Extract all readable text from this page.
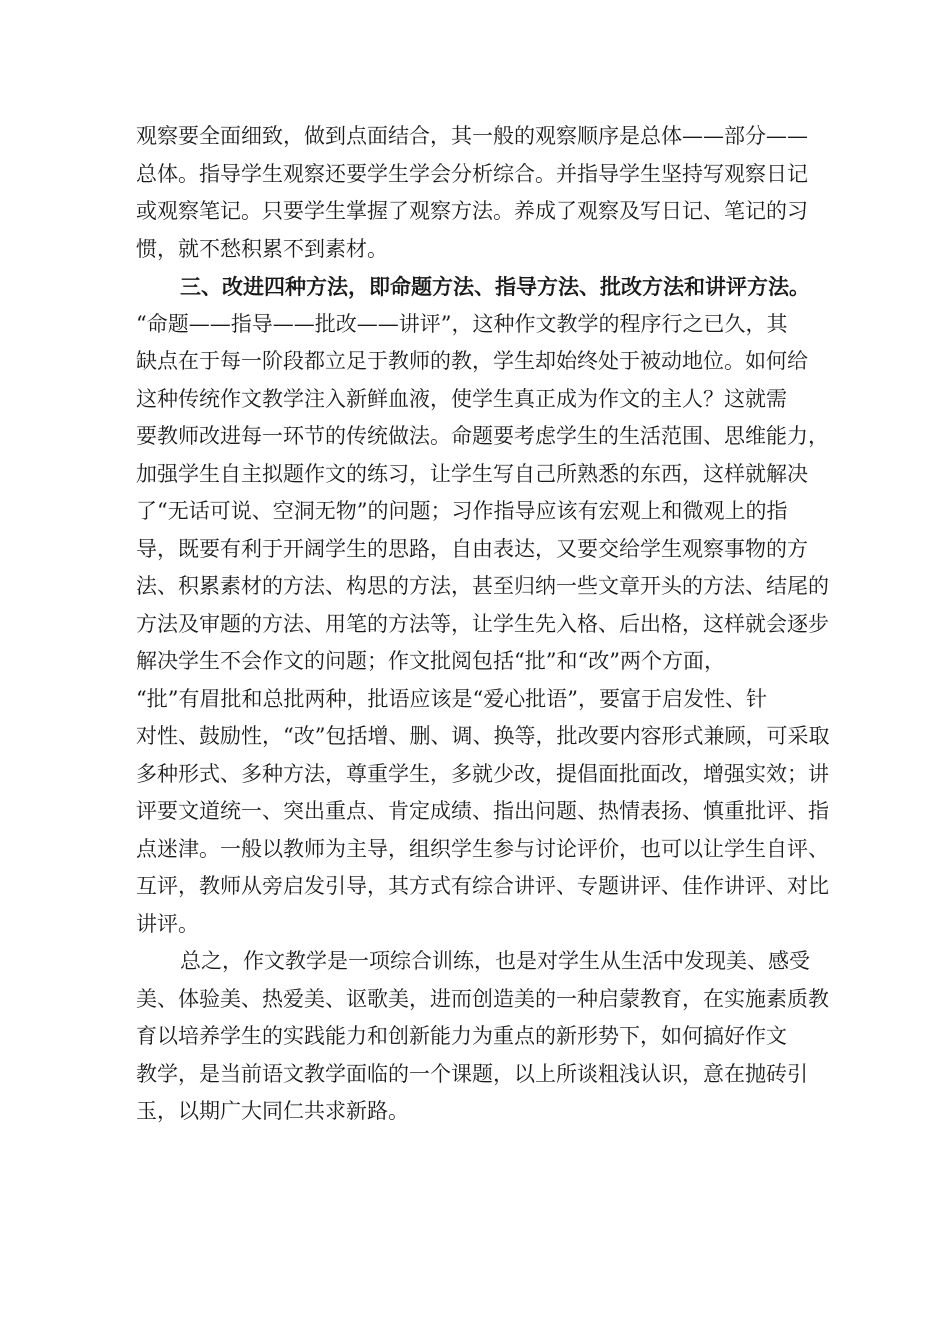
观察要全面细致，做到点面结合，其一般的观察顺序是总体——部分——
总体。指导学生观察还要学生学会分析综合。并指导学生坚持写观察日记
或观察笔记。只要学生掌握了观察方法。养成了观察及写日记、笔记的习
惯，就不愁积累不到素材。
三、改进四种方法，即命题方法、指导方法、批改方法和讲评方法。
“命题——指导——批改——讲评”，这种作文教学的程序行之已久，其
缺点在于每一阶段都立足于教师的教，学生却始终处于被动地位。如何给
这种传统作文教学注入新鲜血液，使学生真正成为作文的主人？这就需
要教师改进每一环节的传统做法。命题要考虑学生的生活范围、思维能力，
加强学生自主拟题作文的练习，让学生写自己所熟悉的东西，这样就解决
了“无话可说、空洞无物”的问题；习作指导应该有宏观上和微观上的指
导，既要有利于开阔学生的思路，自由表达，又要交给学生观察事物的方
法、积累素材的方法、构思的方法，甚至归纳一些文章开头的方法、结尾的
方法及审题的方法、用笔的方法等，让学生先入格、后出格，这样就会逐步
解决学生不会作文的问题；作文批阅包括“批”和“改”两个方面，
“批”有眉批和总批两种，批语应该是“爱心批语”，要富于启发性、针
对性、鼓励性，“改”包括增、删、调、换等，批改要内容形式兼顾，可采取
多种形式、多种方法，尊重学生，多就少改，提倡面批面改，增强实效；讲
评要文道统一、突出重点、肯定成绩、指出问题、热情表扬、慎重批评、指
点迷津。一般以教师为主导，组织学生参与讨论评价，也可以让学生自评、
互评，教师从旁启发引导，其方式有综合讲评、专题讲评、佳作讲评、对比
讲评。
总之，作文教学是一项综合训练，也是对学生从生活中发现美、感受
美、体验美、热爱美、讴歌美，进而创造美的一种启蒙教育，在实施素质教
育以培养学生的实践能力和创新能力为重点的新形势下，如何搞好作文
教学，是当前语文教学面临的一个课题，以上所谈粗浅认识，意在抛砖引
玉，以期广大同仁共求新路。
